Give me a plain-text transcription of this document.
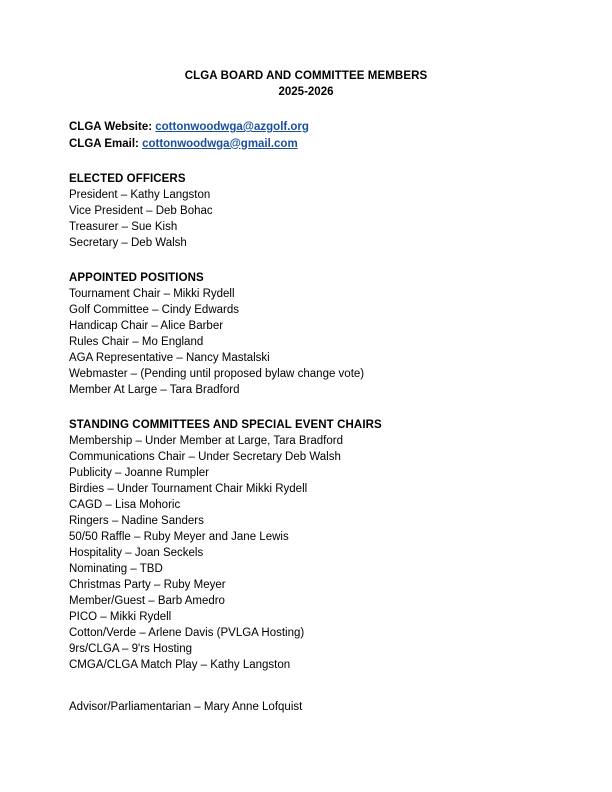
CLGA BOARD AND COMMITTEE MEMBERS
2025-2026
CLGA Website: cottonwoodwga@azgolf.org
CLGA Email: cottonwoodwga@gmail.com
ELECTED OFFICERS
President – Kathy Langston
Vice President – Deb Bohac
Treasurer – Sue Kish
Secretary – Deb Walsh
APPOINTED POSITIONS
Tournament Chair – Mikki Rydell
Golf Committee – Cindy Edwards
Handicap Chair – Alice Barber
Rules Chair – Mo England
AGA Representative – Nancy Mastalski
Webmaster – (Pending until proposed bylaw change vote)
Member At Large – Tara Bradford
STANDING COMMITTEES AND SPECIAL EVENT CHAIRS
Membership – Under Member at Large, Tara Bradford
Communications Chair – Under Secretary Deb Walsh
Publicity – Joanne Rumpler
Birdies – Under Tournament Chair Mikki Rydell
CAGD – Lisa Mohoric
Ringers – Nadine Sanders
50/50 Raffle – Ruby Meyer and Jane Lewis
Hospitality – Joan Seckels
Nominating – TBD
Christmas Party – Ruby Meyer
Member/Guest – Barb Amedro
PICO – Mikki Rydell
Cotton/Verde – Arlene Davis (PVLGA Hosting)
9rs/CLGA – 9'rs Hosting
CMGA/CLGA Match Play – Kathy Langston
Advisor/Parliamentarian – Mary Anne Lofquist
